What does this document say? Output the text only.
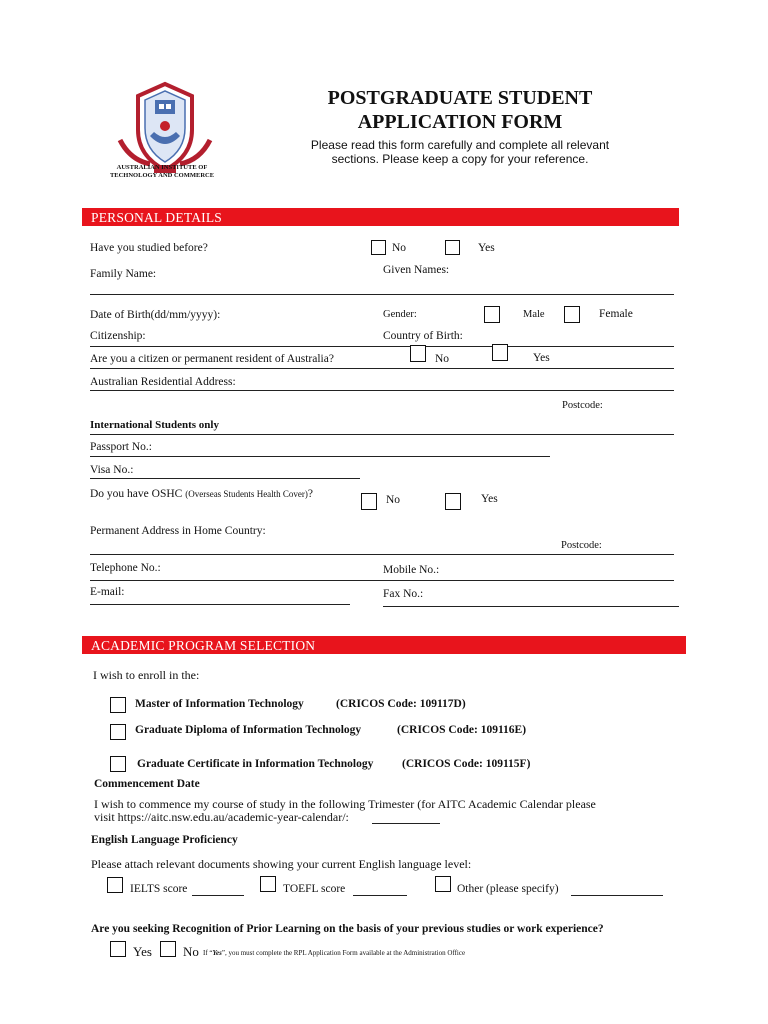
AUSTRALIAN INSTITUTE OF
TECHNOLOGY AND COMMERCE
POSTGRADUATE STUDENT
APPLICATION FORM
Please read this form carefully and complete all relevant
sections. Please keep a copy for your reference.
PERSONAL DETAILS
Have you studied before?	No	Yes
Family Name:	Given Names:
Date of Birth(dd/mm/yyyy):	Gender:	Male	Female
Citizenship:	Country of Birth:
Are you a citizen or permanent resident of Australia?	No	Yes
Australian Residential Address:
Postcode:
International Students only
Passport No.:
Visa No.:
Do you have OSHC (Overseas Students Health Cover)?	No	Yes
Permanent Address in Home Country:
Postcode:
Telephone No.:	Mobile No.:
E-mail:	Fax No.:
ACADEMIC PROGRAM SELECTION
I wish to enroll in the:
Master of Information Technology	(CRICOS Code: 109117D)
Graduate Diploma of Information Technology	(CRICOS Code: 109116E)
Graduate Certificate in Information Technology (CRICOS Code: 109115F)
Commencement Date
I wish to commence my course of study in the following Trimester (for AITC Academic Calendar please
visit https://aitc.nsw.edu.au/academic-year-calendar/:
English Language Proficiency
Please attach relevant documents showing your current English language level:
IELTS score	TOEFL score	Other (please specify)
Are you seeking Recognition of Prior Learning on the basis of your previous studies or work experience?
Yes No If “Yes”, you must complete the RPL Application Form available at the Administration Office
